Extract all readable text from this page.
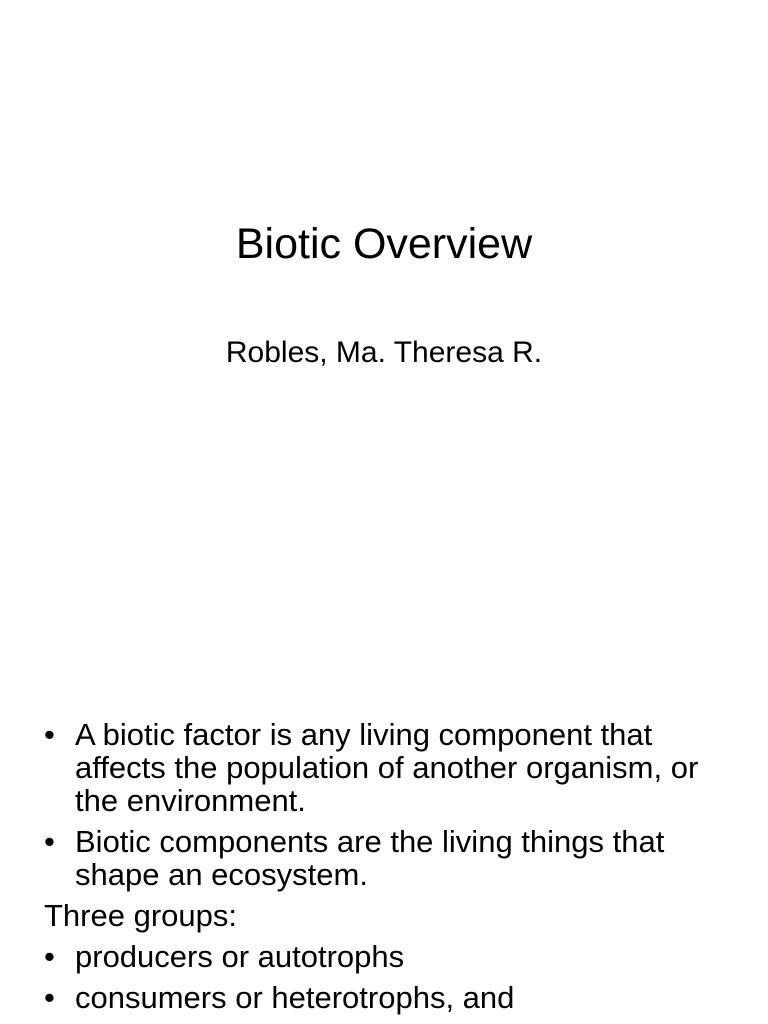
Biotic Overview
Robles, Ma. Theresa R.
• A biotic factor is any living component that affects the population of another organism, or the environment.
• Biotic components are the living things that shape an ecosystem.
Three groups:
• producers or autotrophs
• consumers or heterotrophs, and
